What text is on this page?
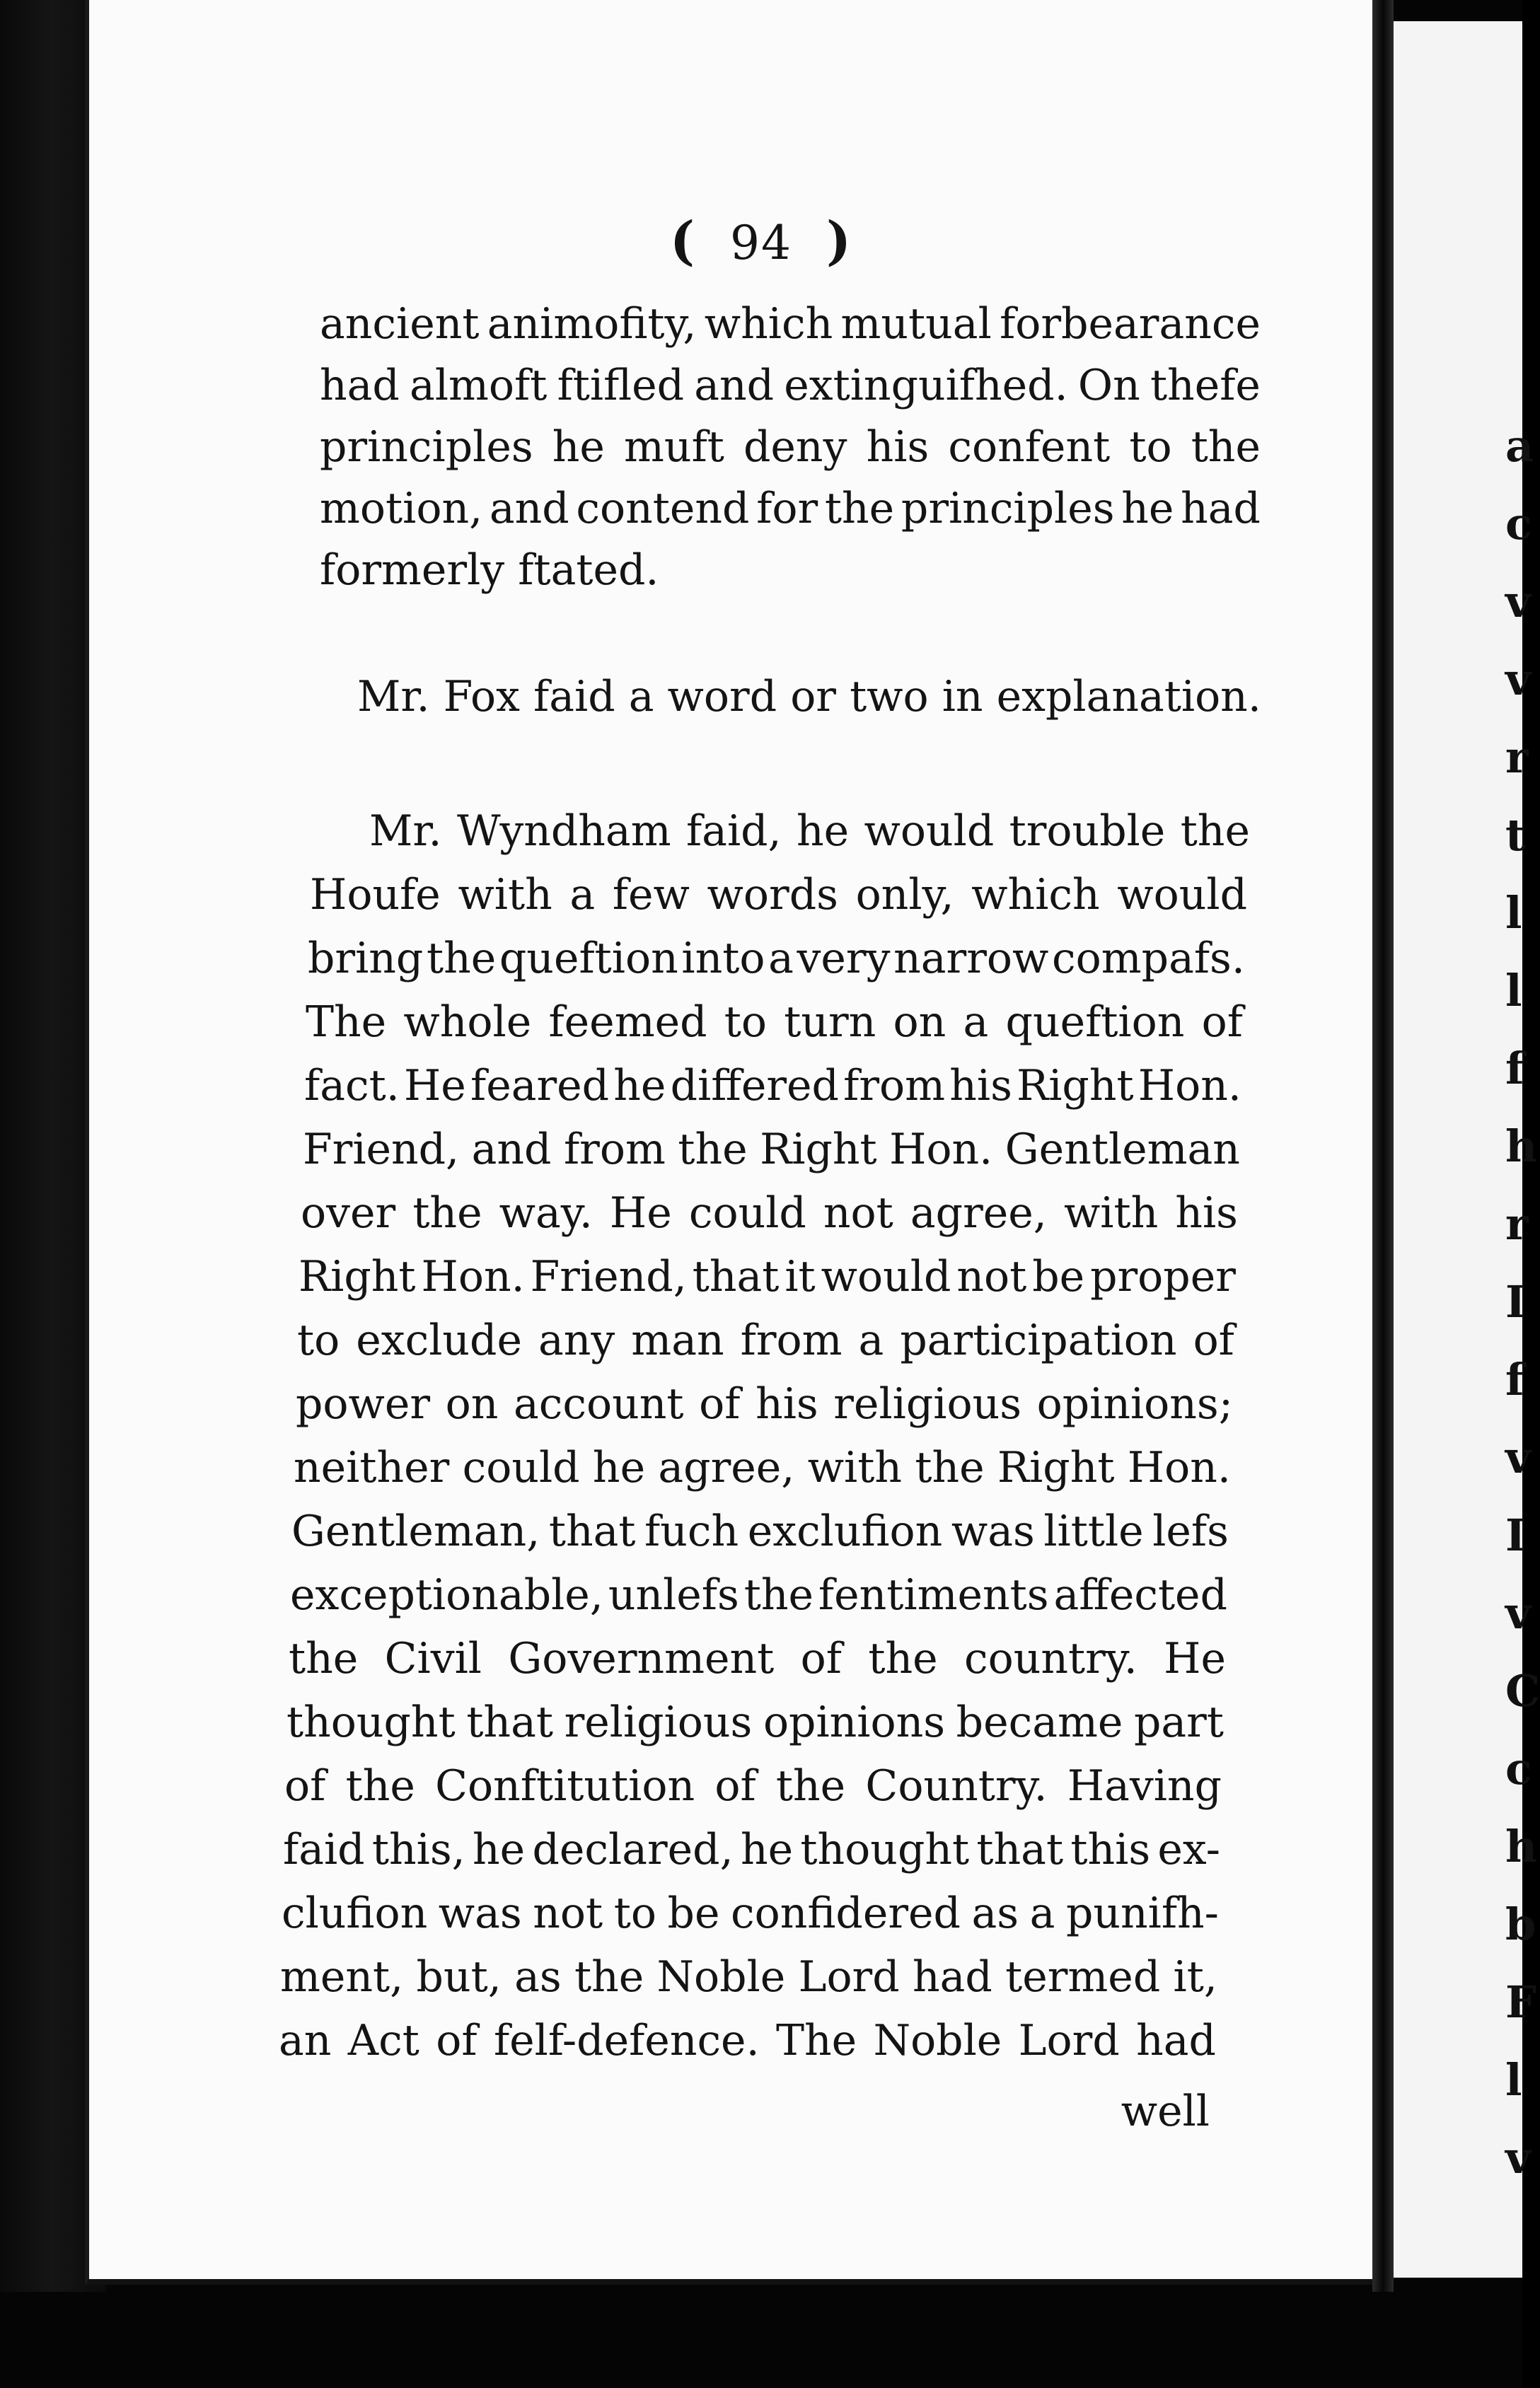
a
c
v
v
r
t
l
l
f
h
r
I
f
v
I
v
C
c
h
b
F
l
v
( 94 )
ancient animofity, which mutual forbearance
had almoft ftifled and extinguifhed. On thefe
principles he muft deny his confent to the
motion, and contend for the principles he had
formerly ftated.
Mr. Fox faid a word or two in explanation.
Mr. Wyndham faid, he would trouble the
Houfe with a few words only, which would
bring the queftion into a very narrow compafs.
The whole feemed to turn on a queftion of
fact. He feared he differed from his Right Hon.
Friend, and from the Right Hon. Gentleman
over the way. He could not agree, with his
Right Hon. Friend, that it would not be proper
to exclude any man from a participation of
power on account of his religious opinions;
neither could he agree, with the Right Hon.
Gentleman, that fuch exclufion was little lefs
exceptionable, unlefs the fentiments affected
the Civil Government of the country. He
thought that religious opinions became part
of the Conftitution of the Country. Having
faid this, he declared, he thought that this ex-
clufion was not to be confidered as a punifh-
ment, but, as the Noble Lord had termed it,
an Act of felf-defence. The Noble Lord had
well
